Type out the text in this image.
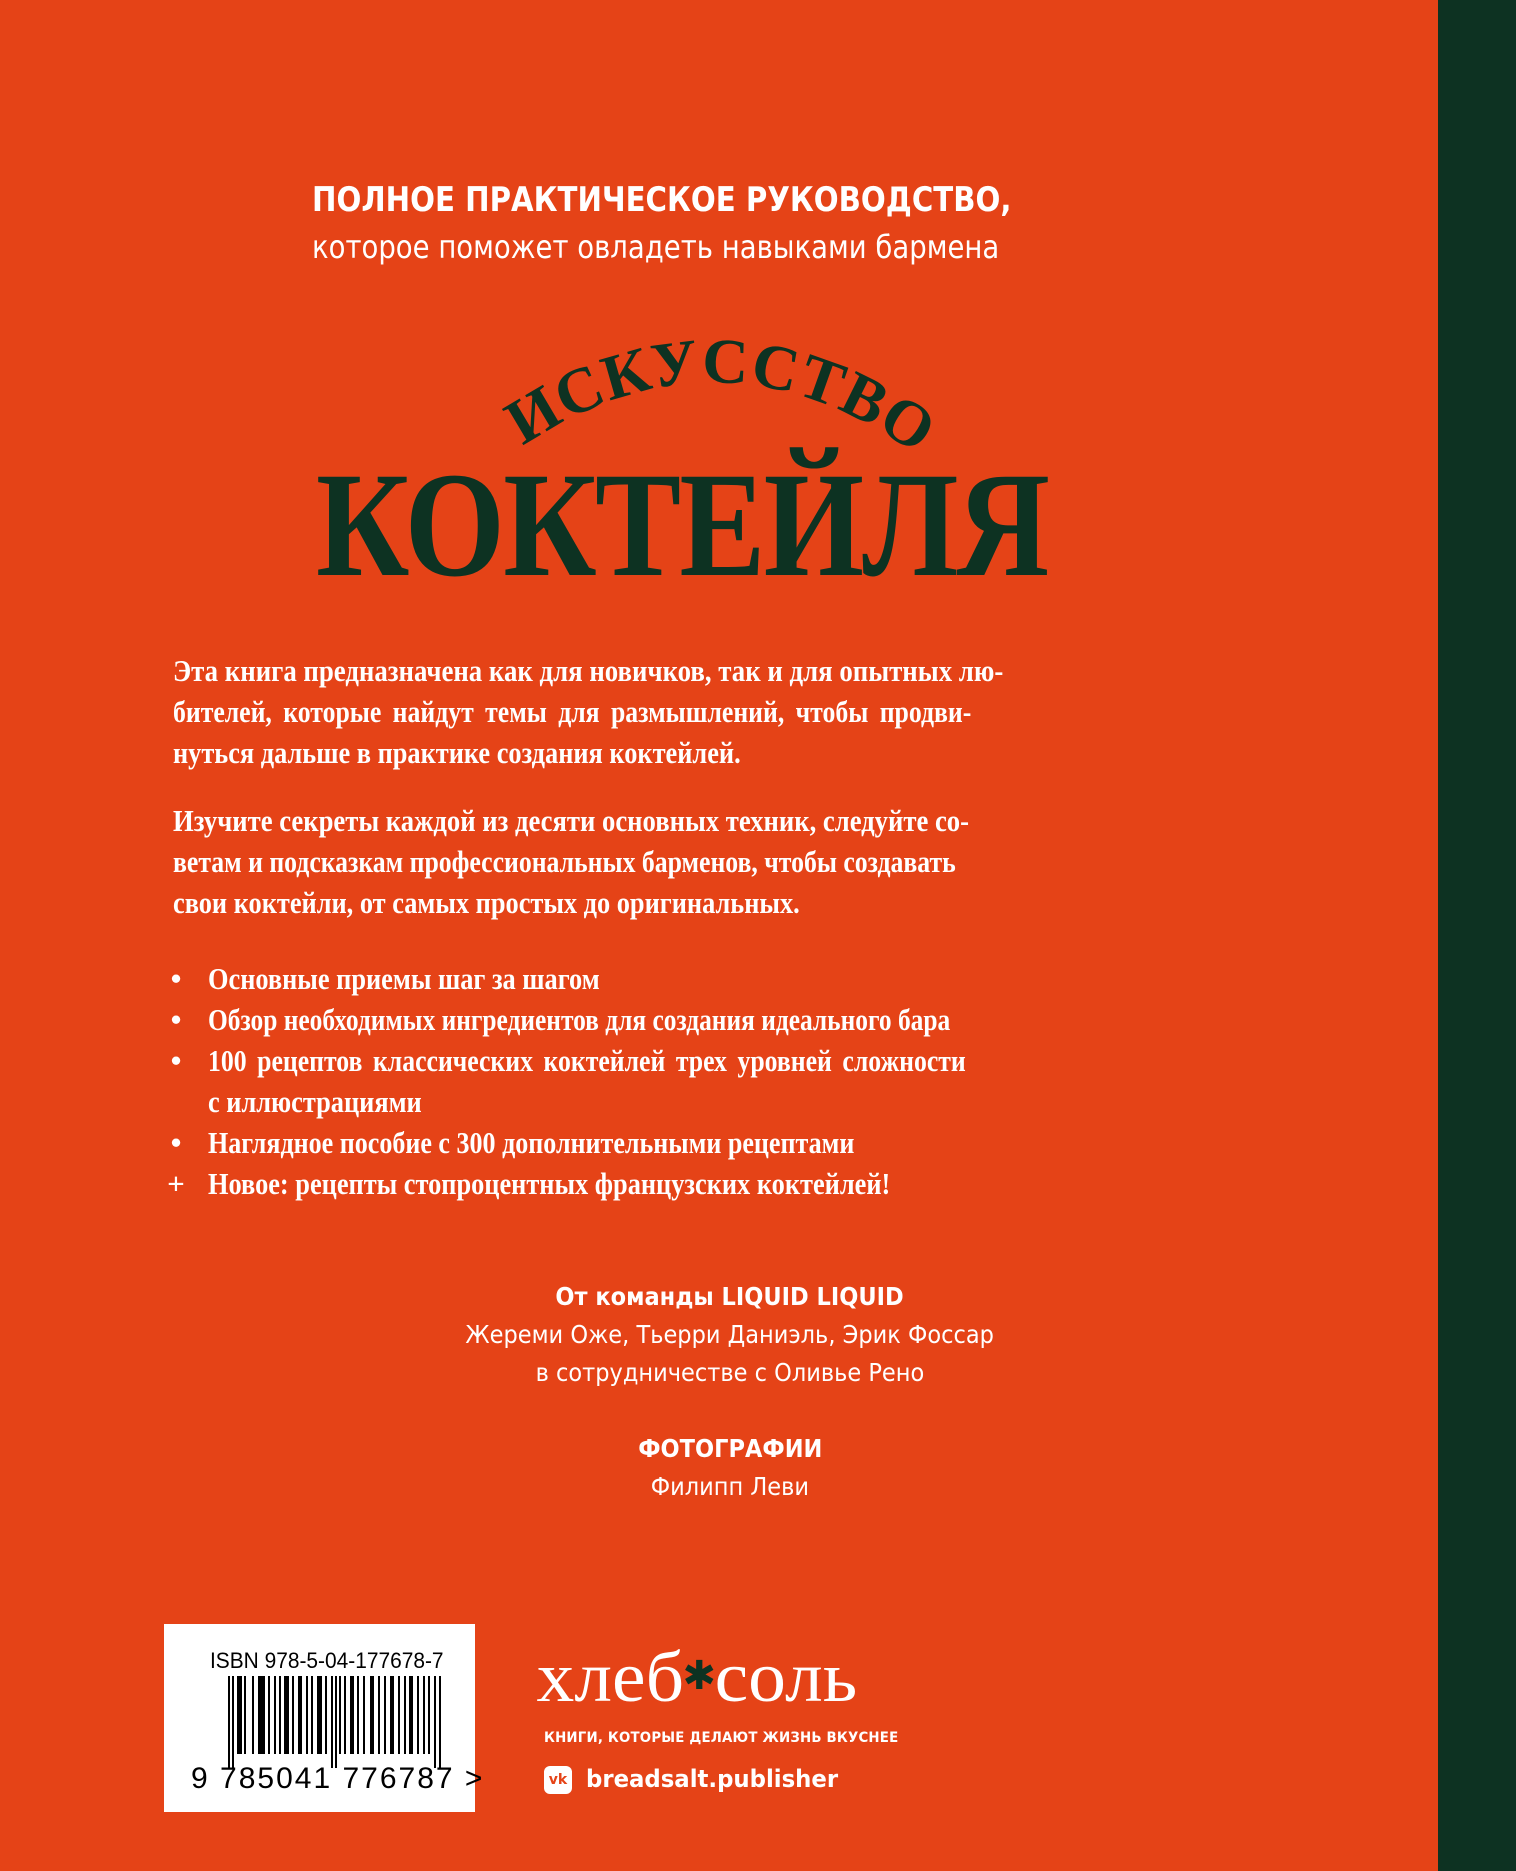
ПОЛНОЕ ПРАКТИЧЕСКОЕ РУКОВОДСТВО,
которое поможет овладеть навыками бармена
ИСКУССТВО
КОКТЕЙЛЯ
Эта книга предназначена как для новичков, так и для опытных лю-
бителей, которые найдут темы для размышлений, чтобы продви-
нуться дальше в практике создания коктейлей.
Изучите секреты каждой из десяти основных техник, следуйте со-
ветам и подсказкам профессиональных барменов, чтобы создавать
свои коктейли, от самых простых до оригинальных.
• Основные приемы шаг за шагом
• Обзор необходимых ингредиентов для создания идеального бара
• 100 рецептов классических коктейлей трех уровней сложности
с иллюстрациями
• Наглядное пособие с 300 дополнительными рецептами
+ Новое: рецепты стопроцентных французских коктейлей!
От команды LIQUID LIQUID
Жереми Оже, Тьерри Даниэль, Эрик Фоссар
в сотрудничестве с Оливье Рено
ФОТОГРАФИИ
Филипп Леви
ISBN 978-5-04-177678-7
9 785041 776787 >
хлеб✱соль
КНИГИ, КОТОРЫЕ ДЕЛАЮТ ЖИЗНЬ ВКУСНЕЕ
vk breadsalt.publisher
